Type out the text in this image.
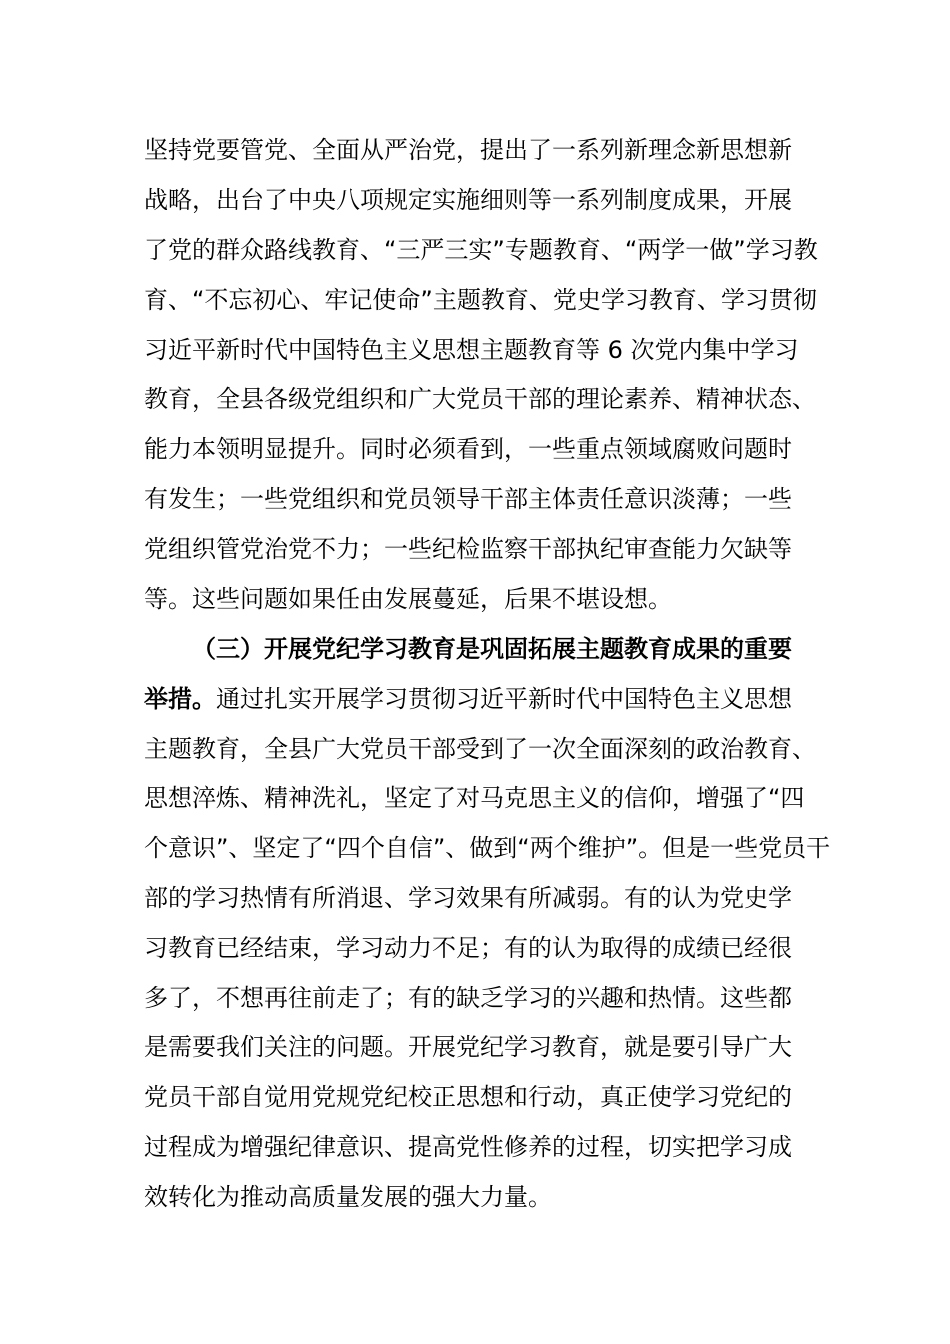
坚持党要管党、全面从严治党，提出了一系列新理念新思想新
战略，出台了中央八项规定实施细则等一系列制度成果，开展
了党的群众路线教育、“三严三实”专题教育、“两学一做”学习教
育、“不忘初心、牢记使命”主题教育、党史学习教育、学习贯彻
习近平新时代中国特色主义思想主题教育等 6 次党内集中学习
教育，全县各级党组织和广大党员干部的理论素养、精神状态、
能力本领明显提升。同时必须看到，一些重点领域腐败问题时
有发生；一些党组织和党员领导干部主体责任意识淡薄；一些
党组织管党治党不力；一些纪检监察干部执纪审查能力欠缺等
等。这些问题如果任由发展蔓延，后果不堪设想。
（三）开展党纪学习教育是巩固拓展主题教育成果的重要
举措。通过扎实开展学习贯彻习近平新时代中国特色主义思想
主题教育，全县广大党员干部受到了一次全面深刻的政治教育、
思想淬炼、精神洗礼，坚定了对马克思主义的信仰，增强了“四
个意识”、坚定了“四个自信”、做到“两个维护”。但是一些党员干
部的学习热情有所消退、学习效果有所减弱。有的认为党史学
习教育已经结束，学习动力不足；有的认为取得的成绩已经很
多了，不想再往前走了；有的缺乏学习的兴趣和热情。这些都
是需要我们关注的问题。开展党纪学习教育，就是要引导广大
党员干部自觉用党规党纪校正思想和行动，真正使学习党纪的
过程成为增强纪律意识、提高党性修养的过程，切实把学习成
效转化为推动高质量发展的强大力量。
